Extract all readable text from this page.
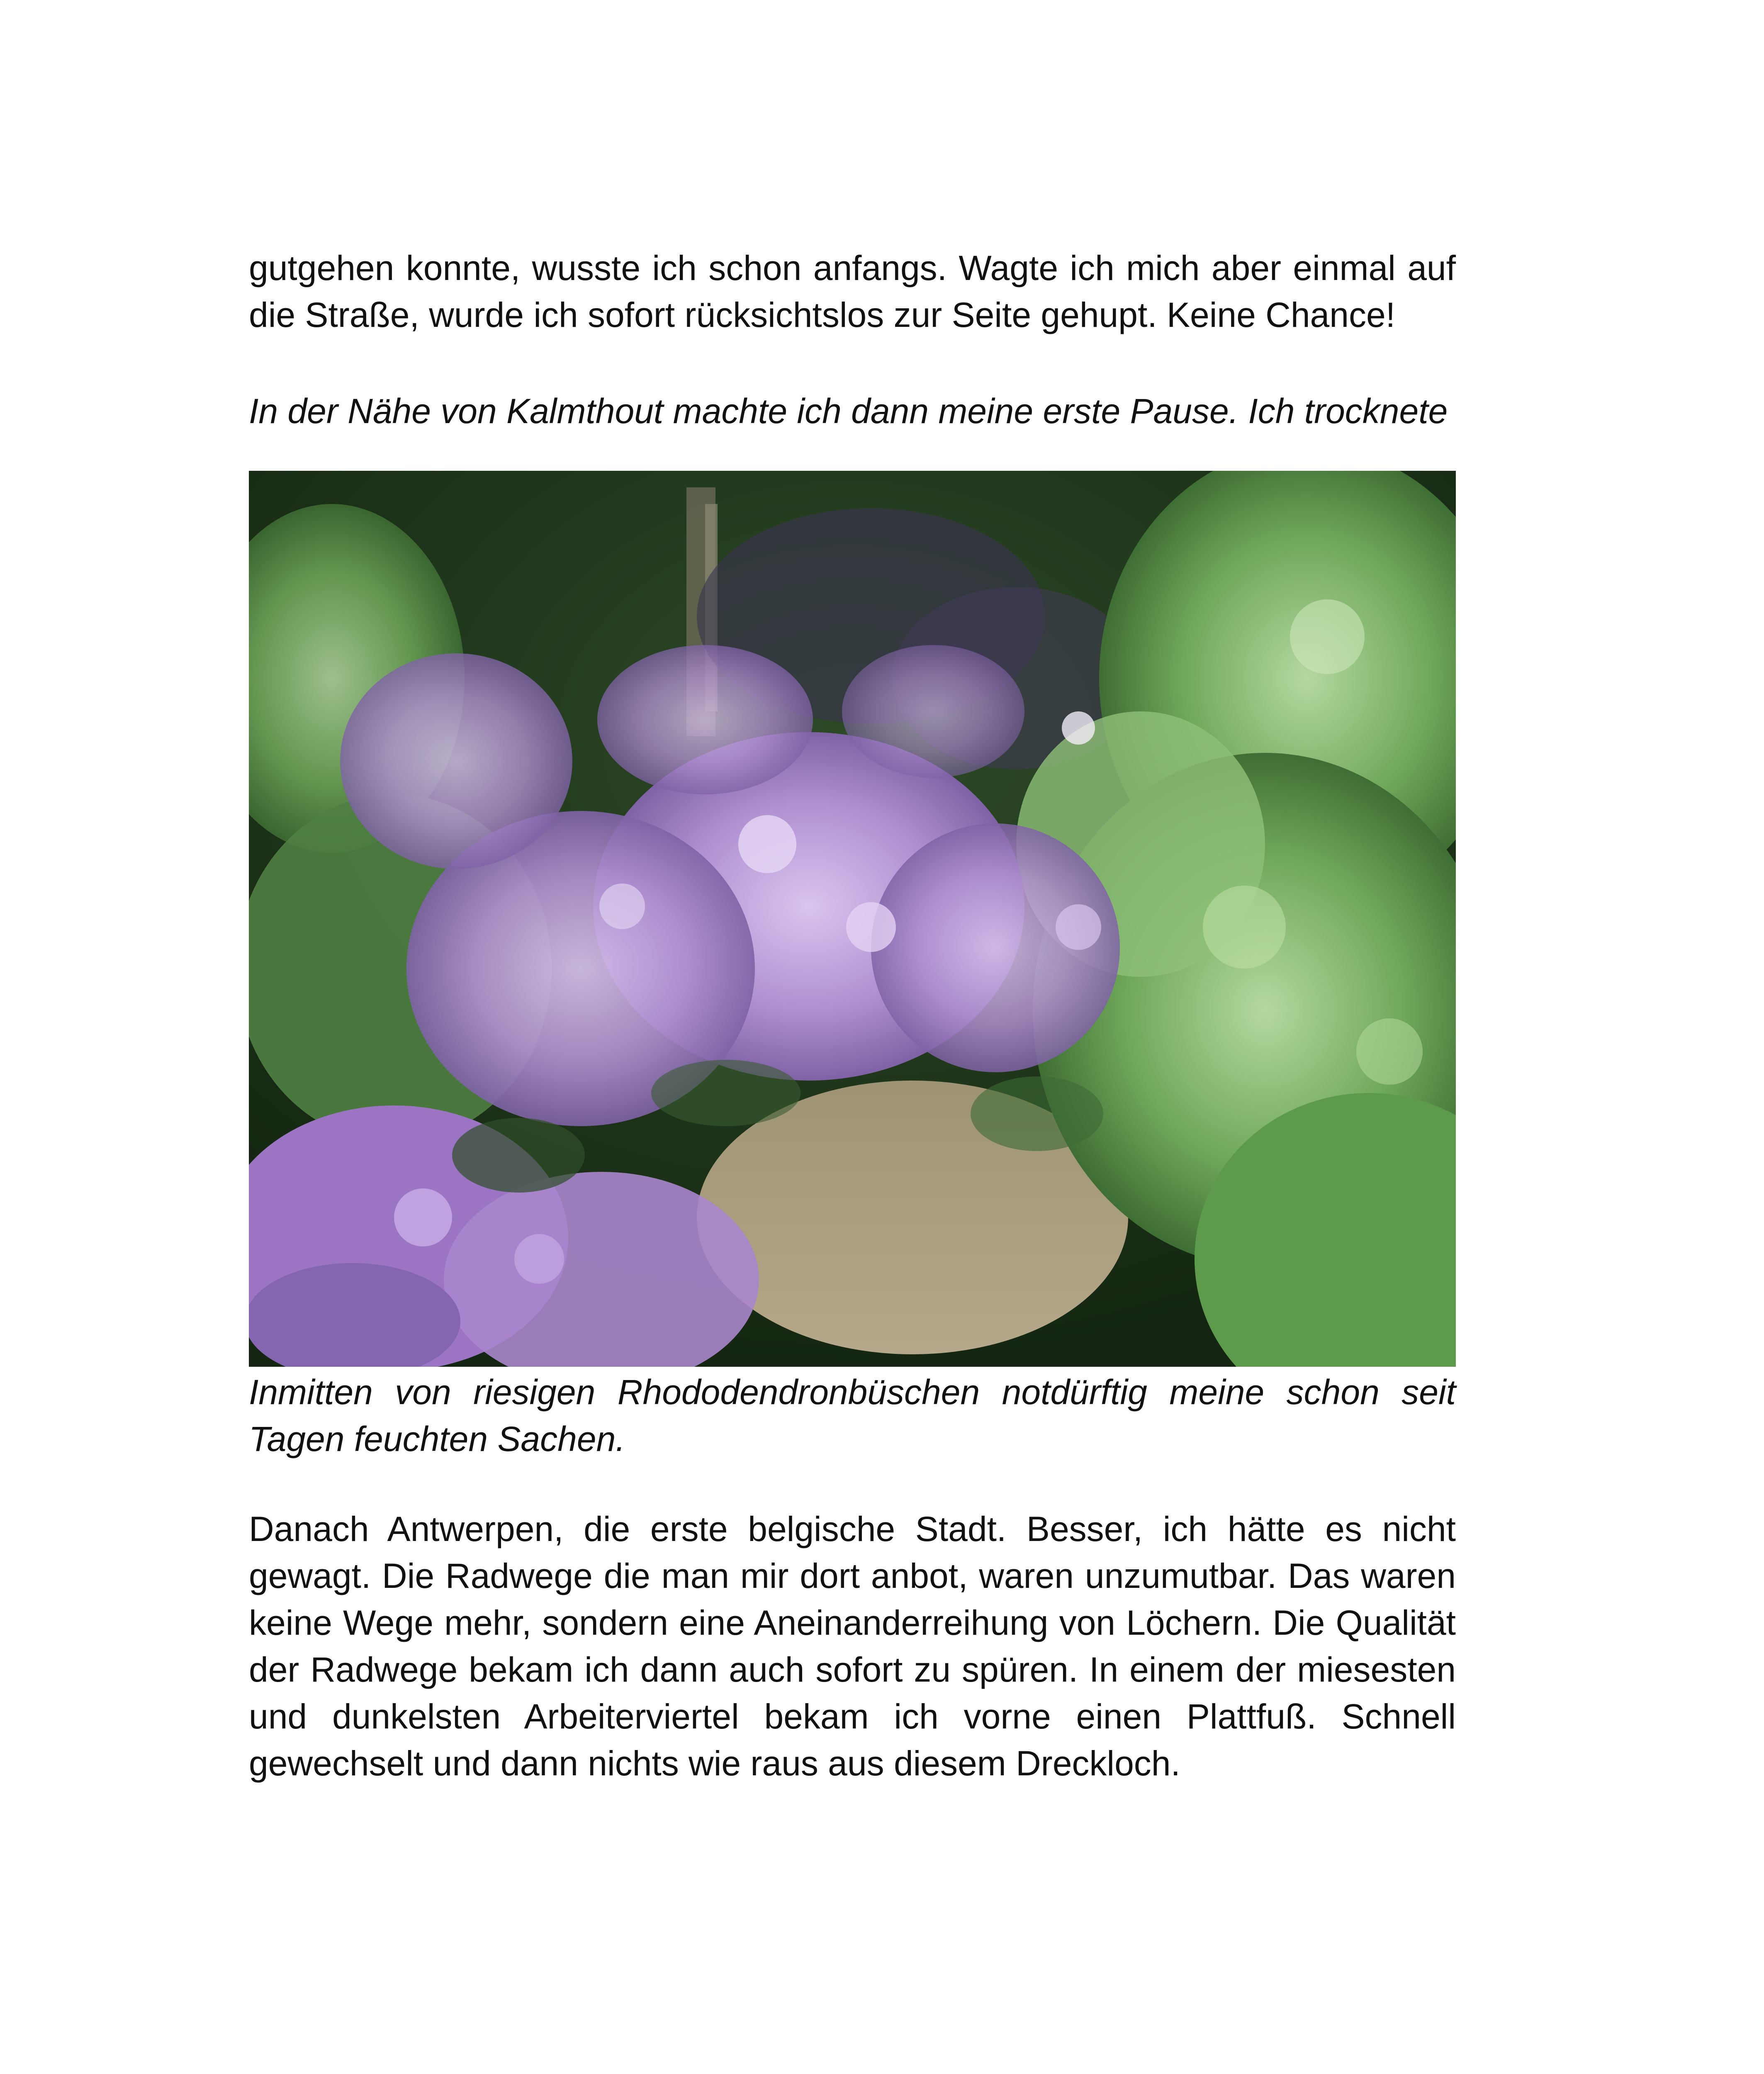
gutgehen konnte, wusste ich schon anfangs. Wagte ich mich aber einmal auf die Straße, wurde ich sofort rücksichtslos zur Seite gehupt. Keine Chance!

In der Nähe von Kalmthout machte ich dann meine erste Pause. Ich trocknete

Inmitten von riesigen Rhododendronbüschen notdürftig meine schon seit Tagen feuchten Sachen.

Danach Antwerpen, die erste belgische Stadt. Besser, ich hätte es nicht gewagt. Die Radwege die man mir dort anbot, waren unzumutbar. Das waren keine Wege mehr, sondern eine Aneinanderreihung von Löchern. Die Qualität der Radwege bekam ich dann auch sofort zu spüren. In einem der miesesten und dunkelsten Arbeiterviertel bekam ich vorne einen Plattfuß. Schnell gewechselt und dann nichts wie raus aus diesem Dreckloch.
